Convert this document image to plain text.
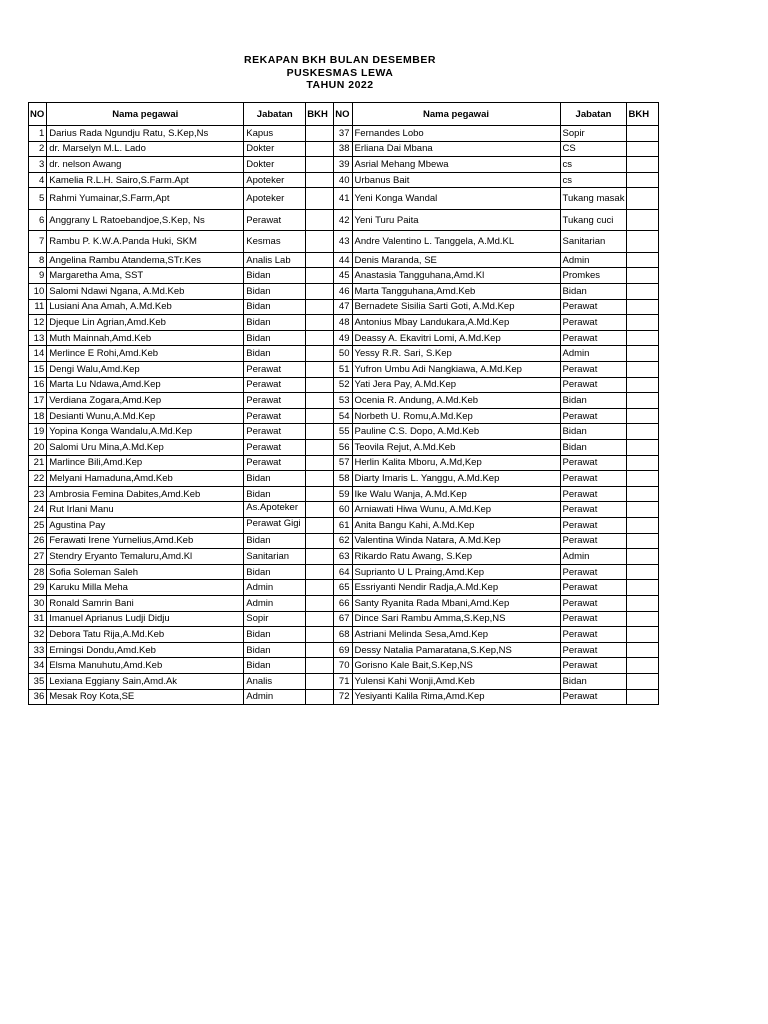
REKAPAN BKH BULAN DESEMBER
PUSKESMAS LEWA
TAHUN 2022
NO	Nama pegawai	Jabatan	BKH	NO	Nama pegawai	Jabatan	BKH
1	Darius Rada Ngundju Ratu, S.Kep,Ns	Kapus		37	Fernandes Lobo	Sopir	
2	dr. Marselyn M.L. Lado	Dokter		38	Erliana Dai Mbana	CS	
3	dr. nelson Awang	Dokter		39	Asrial Mehang Mbewa	cs	
4	Kamelia R.L.H. Sairo,S.Farm.Apt	Apoteker		40	Urbanus Bait	cs	
5	Rahmi Yumainar,S.Farm,Apt	Apoteker		41	Yeni Konga Wandal	Tukang masak	
6	Anggrany L Ratoebandjoe,S.Kep, Ns	Perawat		42	Yeni Turu Paita	Tukang cuci	
7	Rambu P. K.W.A.Panda Huki, SKM	Kesmas		43	Andre Valentino L. Tanggela, A.Md.KL	Sanitarian	
8	Angelina Rambu Atandema,STr.Kes	Analis Lab		44	Denis Maranda, SE	Admin	
9	Margaretha Ama, SST	Bidan		45	Anastasia Tangguhana,Amd.Kl	Promkes	
10	Salomi Ndawi Ngana, A.Md.Keb	Bidan		46	Marta Tangguhana,Amd.Keb	Bidan	
11	Lusiani Ana Amah, A.Md.Keb	Bidan		47	Bernadete Sisilia Sarti Goti, A.Md.Kep	Perawat	
12	Djeque Lin Agrian,Amd.Keb	Bidan		48	Antonius Mbay Landukara,A.Md.Kep	Perawat	
13	Muth Mainnah,Amd.Keb	Bidan		49	Deassy A. Ekavitri Lomi, A.Md.Kep	Perawat	
14	Merlince E Rohi,Amd.Keb	Bidan		50	Yessy R.R. Sari, S.Kep	Admin	
15	Dengi Walu,Amd.Kep	Perawat		51	Yufron Umbu Adi Nangkiawa, A.Md.Kep	Perawat	
16	Marta Lu Ndawa,Amd.Kep	Perawat		52	Yati Jera Pay, A.Md.Kep	Perawat	
17	Verdiana Zogara,Amd.Kep	Perawat		53	Ocenia R. Andung, A.Md.Keb	Bidan	
18	Desianti Wunu,A.Md.Kep	Perawat		54	Norbeth U. Romu,A.Md.Kep	Perawat	
19	Yopina Konga Wandalu,A.Md.Kep	Perawat		55	Pauline C.S. Dopo, A.Md.Keb	Bidan	
20	Salomi Uru Mina,A.Md.Kep	Perawat		56	Teovila Rejut, A.Md.Keb	Bidan	
21	Marlince Bili,Amd.Kep	Perawat		57	Herlin Kalita Mboru, A.Md,Kep	Perawat	
22	Melyani Hamaduna,Amd.Keb	Bidan		58	Diarty Imaris L. Yanggu, A.Md.Kep	Perawat	
23	Ambrosia Femina Dabites,Amd.Keb	Bidan		59	Ike Walu Wanja, A.Md.Kep	Perawat	
24	Rut Irlani Manu	As.Apoteker		60	Arniawati Hiwa Wunu, A.Md.Kep	Perawat	
25	Agustina Pay	Perawat Gigi		61	Anita Bangu Kahi, A.Md.Kep	Perawat	
26	Ferawati Irene Yurnelius,Amd.Keb	Bidan		62	Valentina Winda Natara, A.Md.Kep	Perawat	
27	Stendry Eryanto Temaluru,Amd.Kl	Sanitarian		63	Rikardo Ratu Awang, S.Kep	Admin	
28	Sofia Soleman Saleh	Bidan		64	Supriantо U L Praing,Amd.Kep	Perawat	
29	Karuku Milla Meha	Admin		65	Essriyanti Nendir Radja,A.Md.Kep	Perawat	
30	Ronald Samrin Bani	Admin		66	Santy Ryanita Rada Mbani,Amd.Kep	Perawat	
31	Imanuel Aprianus Ludji Didju	Sopir		67	Dince Sari Rambu Amma,S.Kep,NS	Perawat	
32	Debora Tatu Rija,A.Md.Keb	Bidan		68	Astriani Melinda Sesa,Amd.Kep	Perawat	
33	Erningsi Dondu,Amd.Keb	Bidan		69	Dessy Natalia Pamaratana,S.Kep,NS	Perawat	
34	Elsma Manuhutu,Amd.Keb	Bidan		70	Gorisno Kale Bait,S.Kep,NS	Perawat	
35	Lexiana Eggiany Sain,Amd.Ak	Analis		71	Yulensi Kahi Wonji,Amd.Keb	Bidan	
36	Mesak Roy Kota,SE	Admin		72	Yesiyanti Kalila Rima,Amd.Kep	Perawat	
